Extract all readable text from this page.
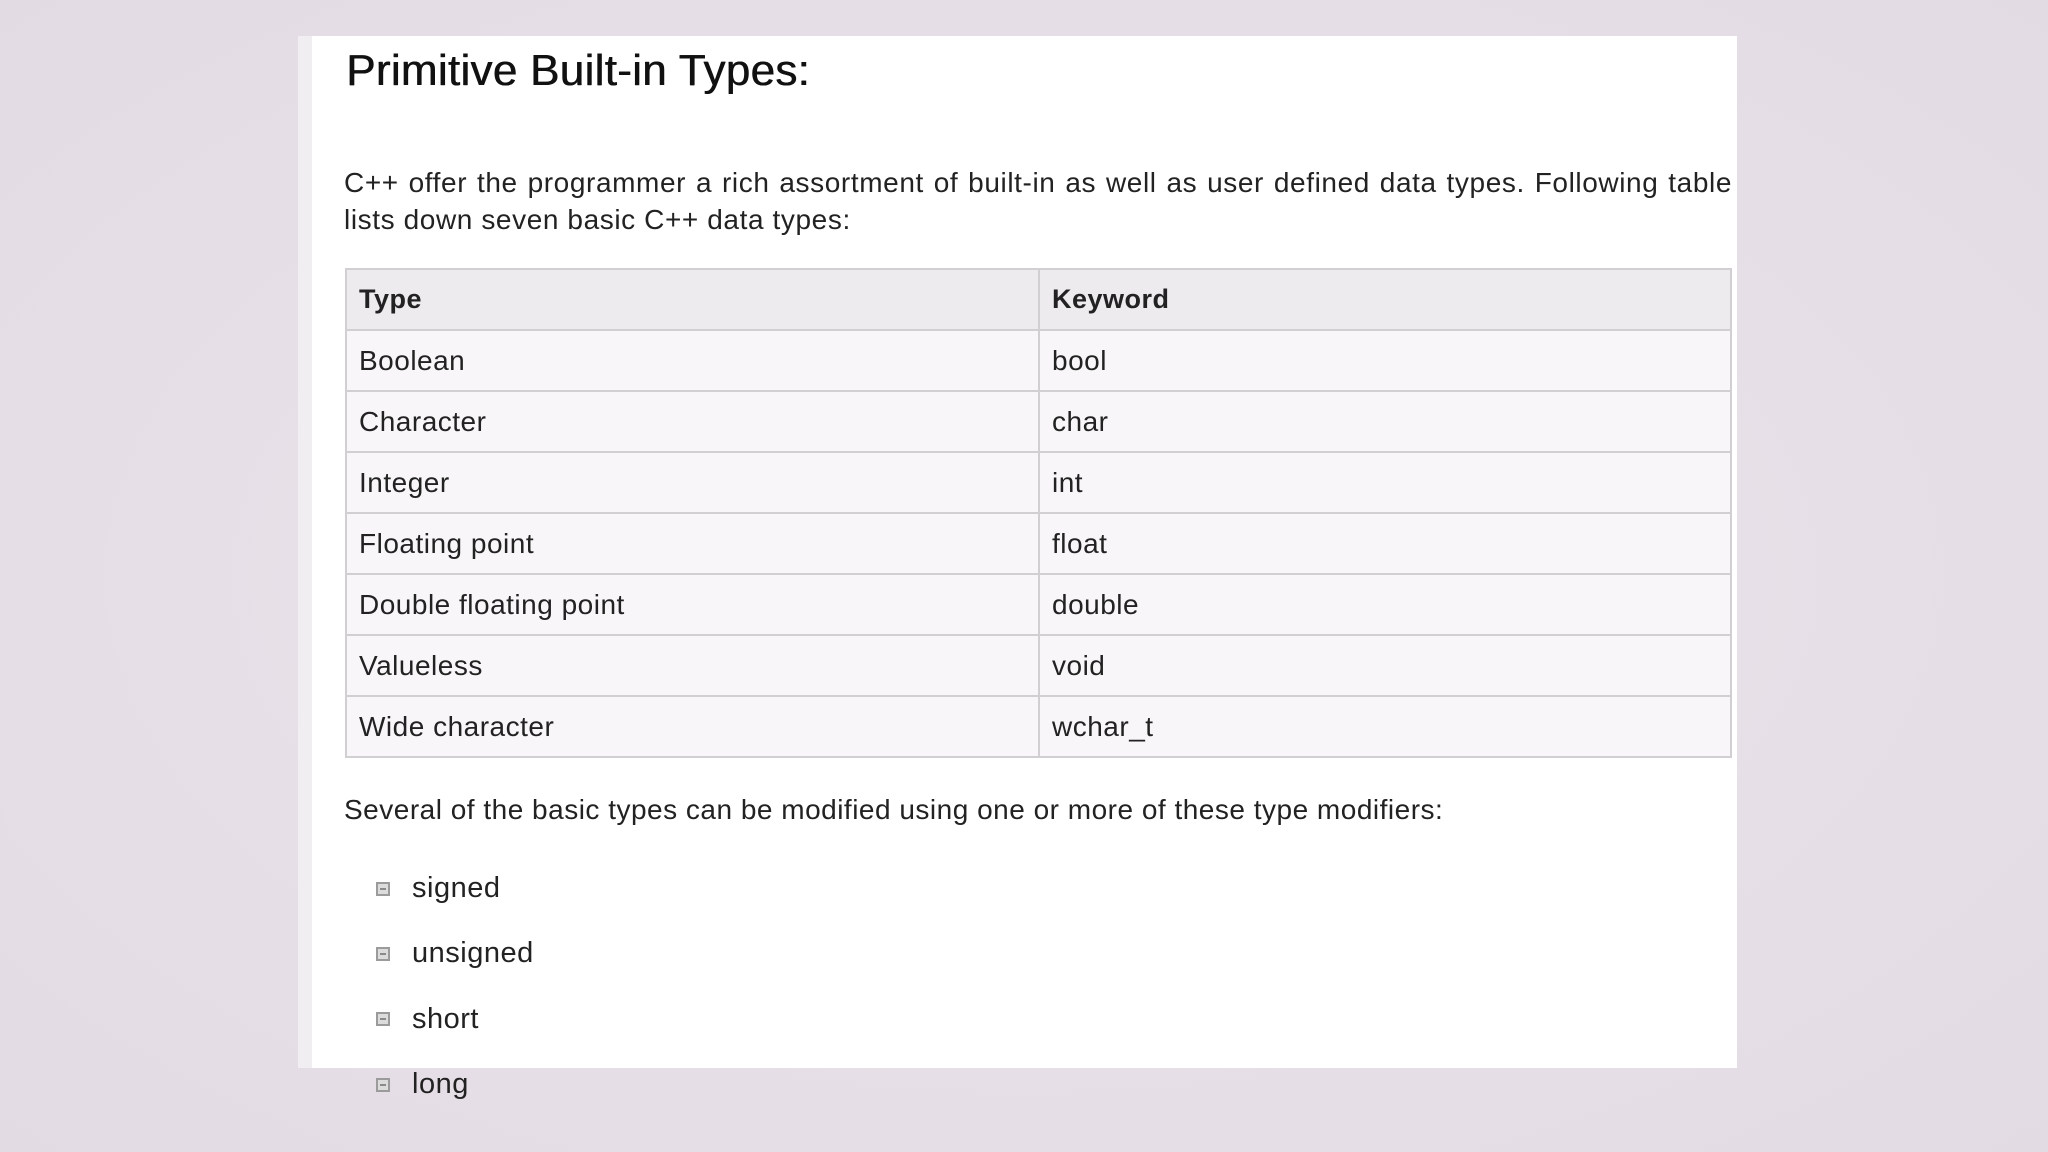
Primitive Built-in Types:

C++ offer the programmer a rich assortment of built-in as well as user defined data types. Following table lists down seven basic C++ data types:

Type	Keyword
Boolean	bool
Character	char
Integer	int
Floating point	float
Double floating point	double
Valueless	void
Wide character	wchar_t

Several of the basic types can be modified using one or more of these type modifiers:

signed
unsigned
short
long
